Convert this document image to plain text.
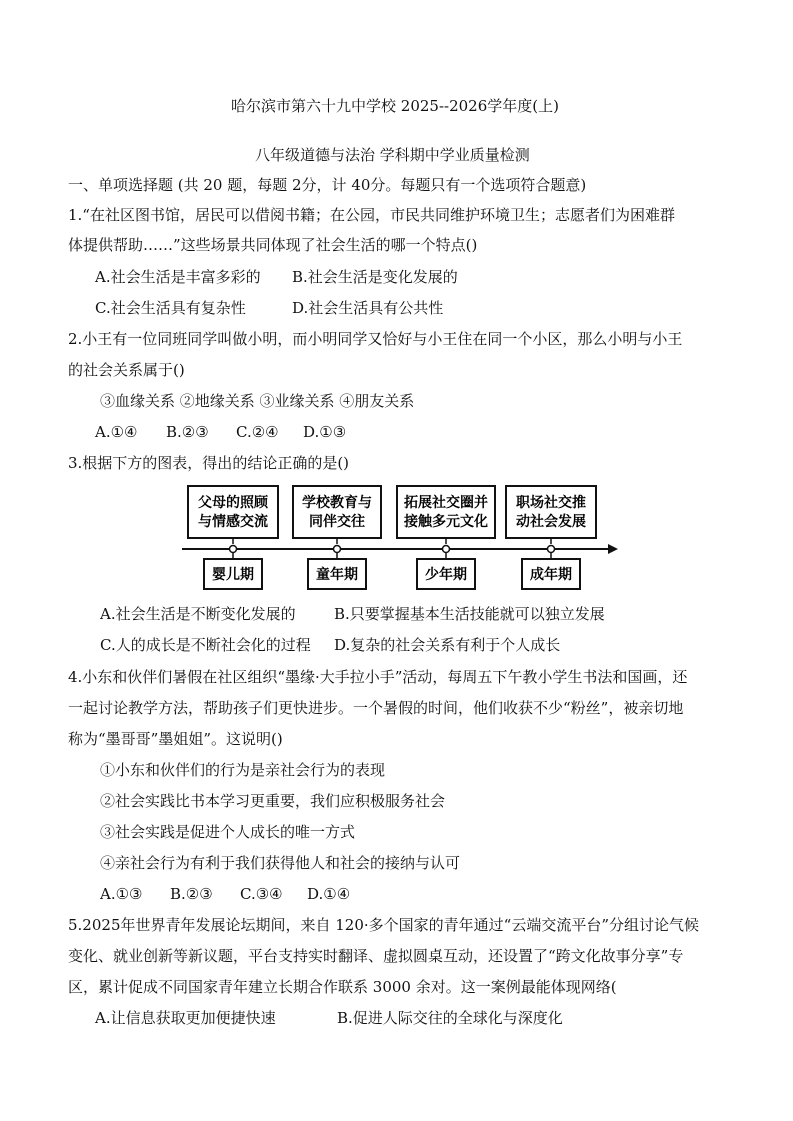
哈尔滨市第六十九中学校 2025--2026学年度(上)
八年级道德与法治 学科期中学业质量检测
一、单项选择题 (共 20 题，每题 2分，计 40分。每题只有一个选项符合题意)
1.“在社区图书馆，居民可以借阅书籍；在公园，市民共同维护环境卫生；志愿者们为困难群
体提供帮助……”这些场景共同体现了社会生活的哪一个特点()
A.社会生活是丰富多彩的 B.社会生活是变化发展的
C.社会生活具有复杂性	D.社会生活具有公共性
2.小王有一位同班同学叫做小明，而小明同学又恰好与小王住在同一个小区，那么小明与小王
的社会关系属于()
③血缘关系 ②地缘关系 ③业缘关系 ④朋友关系
A.①④ B.②③ C.②④ D.①③
3.根据下方的图表，得出的结论正确的是()
父母的照顾
与情感交流
学校教育与
同伴交往
拓展社交圈并
接触多元文化
职场社交推
动社会发展
婴儿期	童年期	少年期	成年期
A.社会生活是不断变化发展的	B.只要掌握基本生活技能就可以独立发展
C.人的成长是不断社会化的过程 D.复杂的社会关系有利于个人成长
4.小东和伙伴们暑假在社区组织“墨缘·大手拉小手”活动，每周五下午教小学生书法和国画，还
一起讨论教学方法，帮助孩子们更快进步。一个暑假的时间，他们收获不少“粉丝”，被亲切地
称为“墨哥哥”墨姐姐”。这说明()
①小东和伙伴们的行为是亲社会行为的表现
②社会实践比书本学习更重要，我们应积极服务社会
③社会实践是促进个人成长的唯一方式
④亲社会行为有利于我们获得他人和社会的接纳与认可
A.①③ B.②③ C.③④ D.①④
5.2025年世界青年发展论坛期间，来自 120·多个国家的青年通过“云端交流平台”分组讨论气候
变化、就业创新等新议题，平台支持实时翻译、虚拟圆桌互动，还设置了“跨文化故事分享”专
区，累计促成不同国家青年建立长期合作联系 3000 余对。这一案例最能体现网络(
A.让信息获取更加便捷快速	B.促进人际交往的全球化与深度化
